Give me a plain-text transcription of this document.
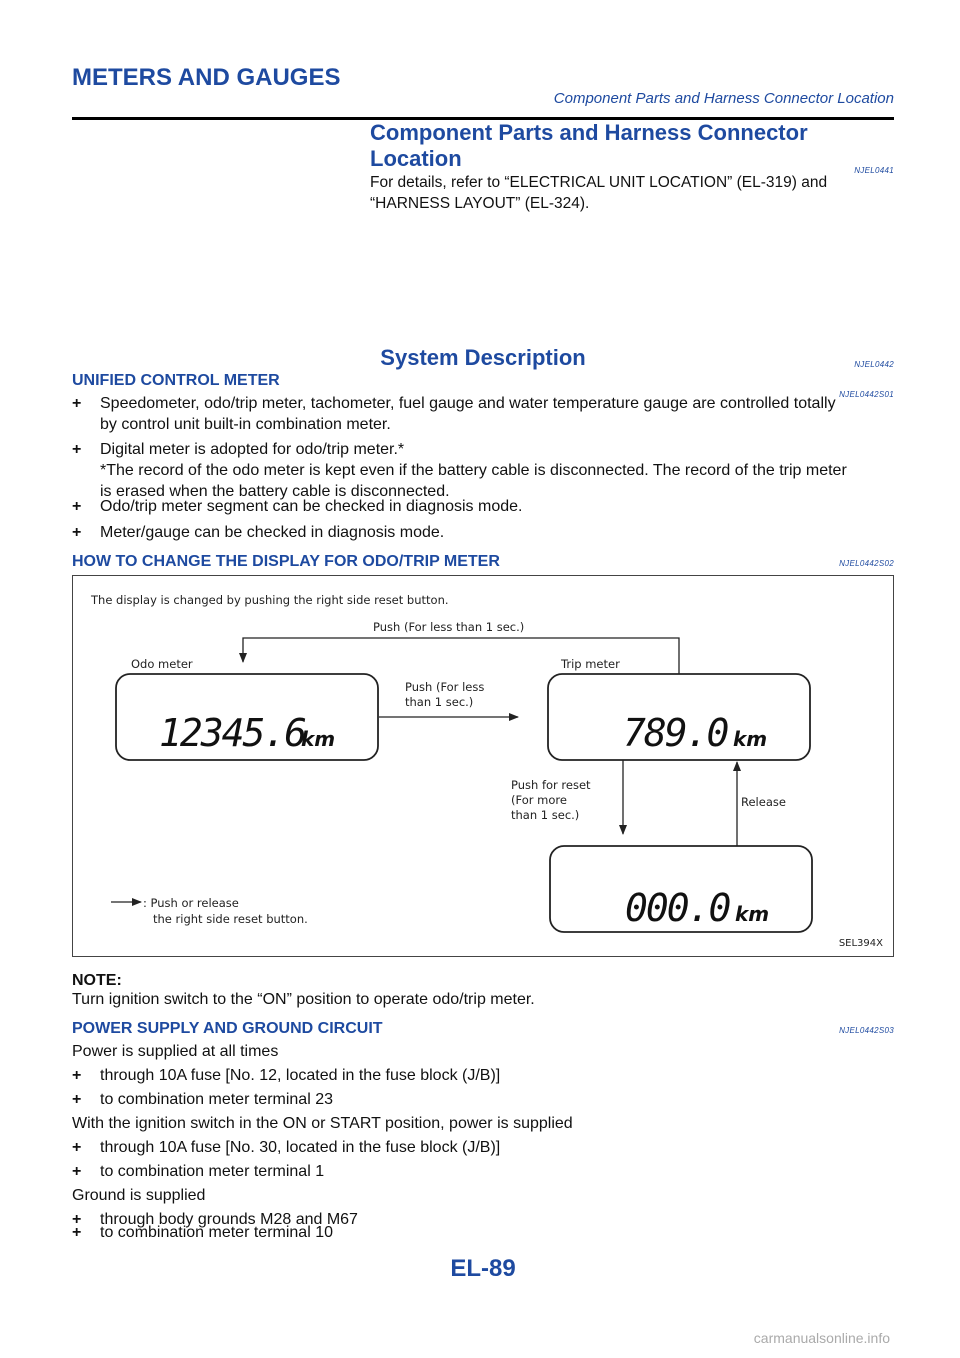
METERS AND GAUGES
Component Parts and Harness Connector Location
Component Parts and Harness Connector
Location	NJEL0441
For details, refer to “ELECTRICAL UNIT LOCATION” (EL-319) and
“HARNESS LAYOUT” (EL-324).
System Description	NJEL0442
UNIFIED CONTROL METER
NJEL0442S01
+ Speedometer, odo/trip meter, tachometer, fuel gauge and water temperature gauge are controlled totally
by control unit built-in combination meter.
+ Digital meter is adopted for odo/trip meter.*
*The record of the odo meter is kept even if the battery cable is disconnected. The record of the trip meter
is erased when the battery cable is disconnected.
+ Odo/trip meter segment can be checked in diagnosis mode.
+ Meter/gauge can be checked in diagnosis mode.
HOW TO CHANGE THE DISPLAY FOR ODO/TRIP METER	NJEL0442S02
The display is changed by pushing the right side reset button.
Push (For less than 1 sec.)
Odo meter	Trip meter
12345.6
km
Push (For less
than 1 sec.)
789.0 km
Push for reset
(For more
than 1 sec.)
Release
000.0 km
: Push or release
the right side reset button.
SEL394X
NOTE:
Turn ignition switch to the “ON” position to operate odo/trip meter.
POWER SUPPLY AND GROUND CIRCUIT	NJEL0442S03
Power is supplied at all times
+ through 10A fuse [No. 12, located in the fuse block (J/B)]
+ to combination meter terminal 23
With the ignition switch in the ON or START position, power is supplied
+ through 10A fuse [No. 30, located in the fuse block (J/B)]
+ to combination meter terminal 1
Ground is supplied
+ through body grounds M28 and M67
+ to combination meter terminal 10
EL-89
carmanualsonline.info
